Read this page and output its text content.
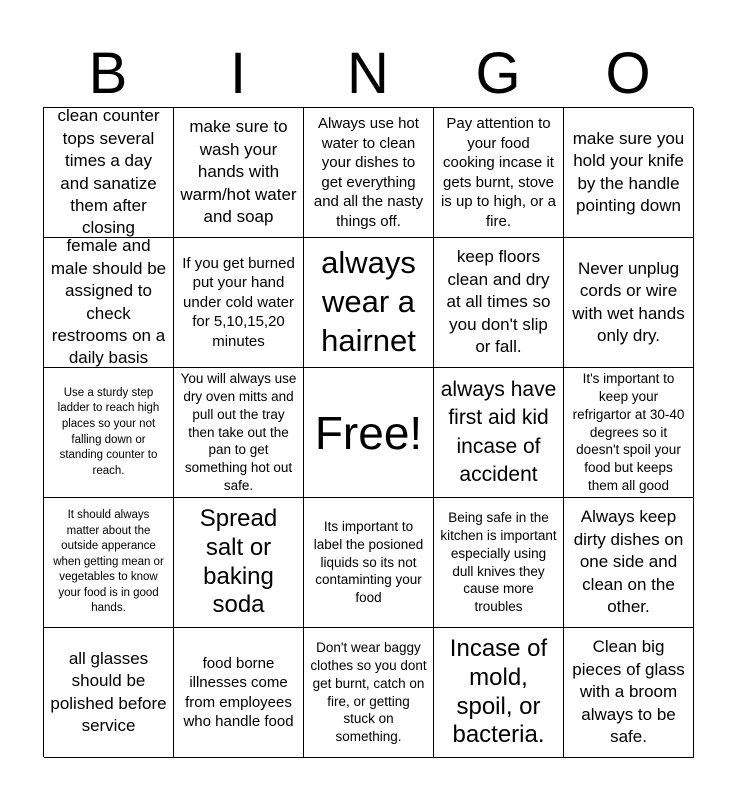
B	I	N	G	O
clean counter tops several times a day and sanatize them after closing
make sure to wash your hands with warm/hot water and soap
Always use hot water to clean your dishes to get everything and all the nasty things off.
Pay attention to your food cooking incase it gets burnt, stove is up to high, or a fire.
make sure you hold your knife by the handle pointing down
female and male should be assigned to check restrooms on a daily basis
If you get burned put your hand under cold water for 5,10,15,20 minutes
always wear a hairnet
keep floors clean and dry at all times so you don't slip or fall.
Never unplug cords or wire with wet hands only dry.
Use a sturdy step ladder to reach high places so your not falling down or standing counter to reach.
You will always use dry oven mitts and pull out the tray then take out the pan to get something hot out safe.
Free!
always have first aid kid incase of accident
It's important to keep your refrigartor at 30-40 degrees so it doesn't spoil your food but keeps them all good
It should always matter about the outside apperance when getting mean or vegetables to know your food is in good hands.
Spread salt or baking soda
Its important to label the posioned liquids so its not contaminting your food
Being safe in the kitchen is important especially using dull knives they cause more troubles
Always keep dirty dishes on one side and clean on the other.
all glasses should be polished before service
food borne illnesses come from employees who handle food
Don't wear baggy clothes so you dont get burnt, catch on fire, or getting stuck on something.
Incase of mold, spoil, or bacteria.
Clean big pieces of glass with a broom always to be safe.
